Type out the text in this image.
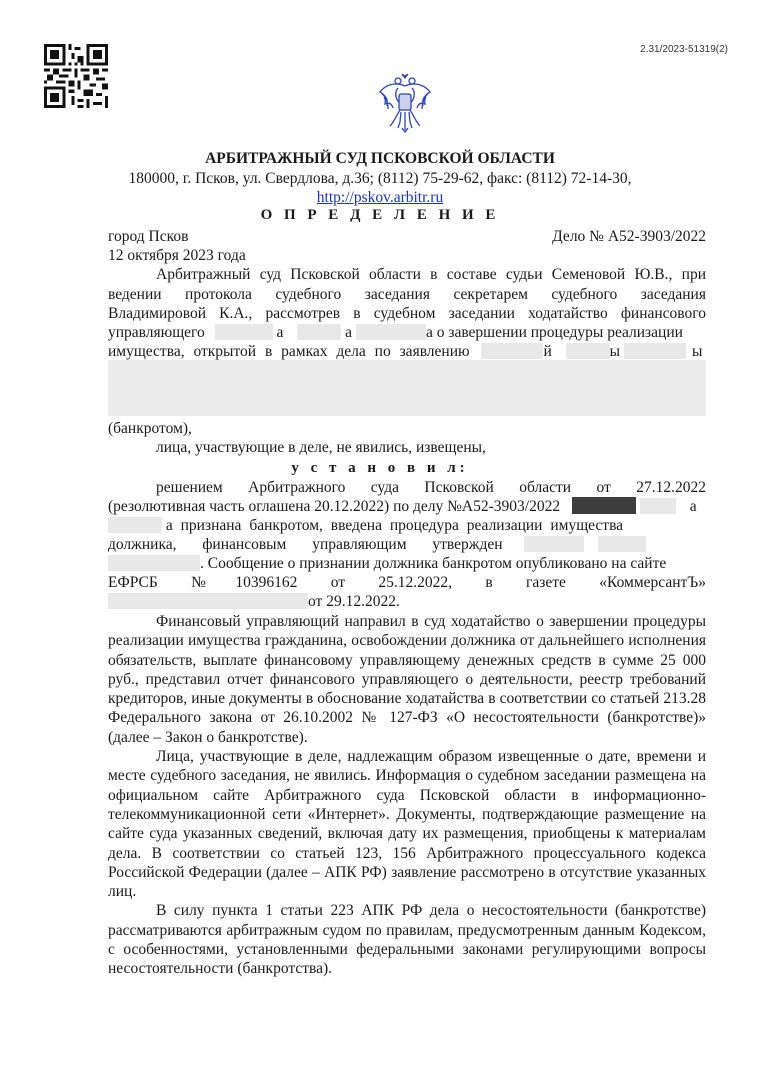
2.31/2023-51319(2)
АРБИТРАЖНЫЙ СУД ПСКОВСКОЙ ОБЛАСТИ
180000, г. Псков, ул. Свердлова, д.36; (8112) 75-29-62, факс: (8112) 72-14-30,
http://pskov.arbitr.ru
О П Р Е Д Е Л Е Н И Е
город Псков	Дело № А52-3903/2022
12 октября 2023 года
Арбитражный суд Псковской области в составе судьи Семеновой Ю.В., при
ведении протокола судебного заседания секретарем судебного заседания
Владимировой К.А., рассмотрев в судебном заседании ходатайство финансового
управляющего	а	а	а о завершении процедуры реализации
имущества, открытой в рамках дела по заявлению	й	ы	ы
(банкротом),
лица, участвующие в деле, не явились, извещены,
у с т а н о в и л:
решением Арбитражного суда Псковской области от 27.12.2022
(резолютивная часть оглашена 20.12.2022) по делу №А52-3903/2022	а
а признана банкротом, введена процедура реализации имущества
должника, финансовым управляющим утвержден
. Сообщение о признании должника банкротом опубликовано на сайте
ЕФРСБ №10396162 от 25.12.2022, в газете «КоммерсантЪ»
от 29.12.2022.

Финансовый управляющий направил в суд ходатайство о завершении процедуры реализации имущества гражданина, освобождении должника от дальнейшего исполнения обязательств, выплате финансовому управляющему денежных средств в сумме 25 000 руб., представил отчет финансового управляющего о деятельности, реестр требований кредиторов, иные документы в обоснование ходатайства в соответствии со статьей 213.28 Федерального закона от 26.10.2002 № 127-ФЗ «О несостоятельности (банкротстве)» (далее – Закон о банкротстве).

Лица, участвующие в деле, надлежащим образом извещенные о дате, времени и месте судебного заседания, не явились. Информация о судебном заседании размещена на официальном сайте Арбитражного суда Псковской области в информационно-телекоммуникационной сети «Интернет». Документы, подтверждающие размещение на сайте суда указанных сведений, включая дату их размещения, приобщены к материалам дела. В соответствии со статьей 123, 156 Арбитражного процессуального кодекса Российской Федерации (далее – АПК РФ) заявление рассмотрено в отсутствие указанных лиц.

В силу пункта 1 статьи 223 АПК РФ дела о несостоятельности (банкротстве) рассматриваются арбитражным судом по правилам, предусмотренным данным Кодексом, с особенностями, установленными федеральными законами регулирующими вопросы несостоятельности (банкротства).
